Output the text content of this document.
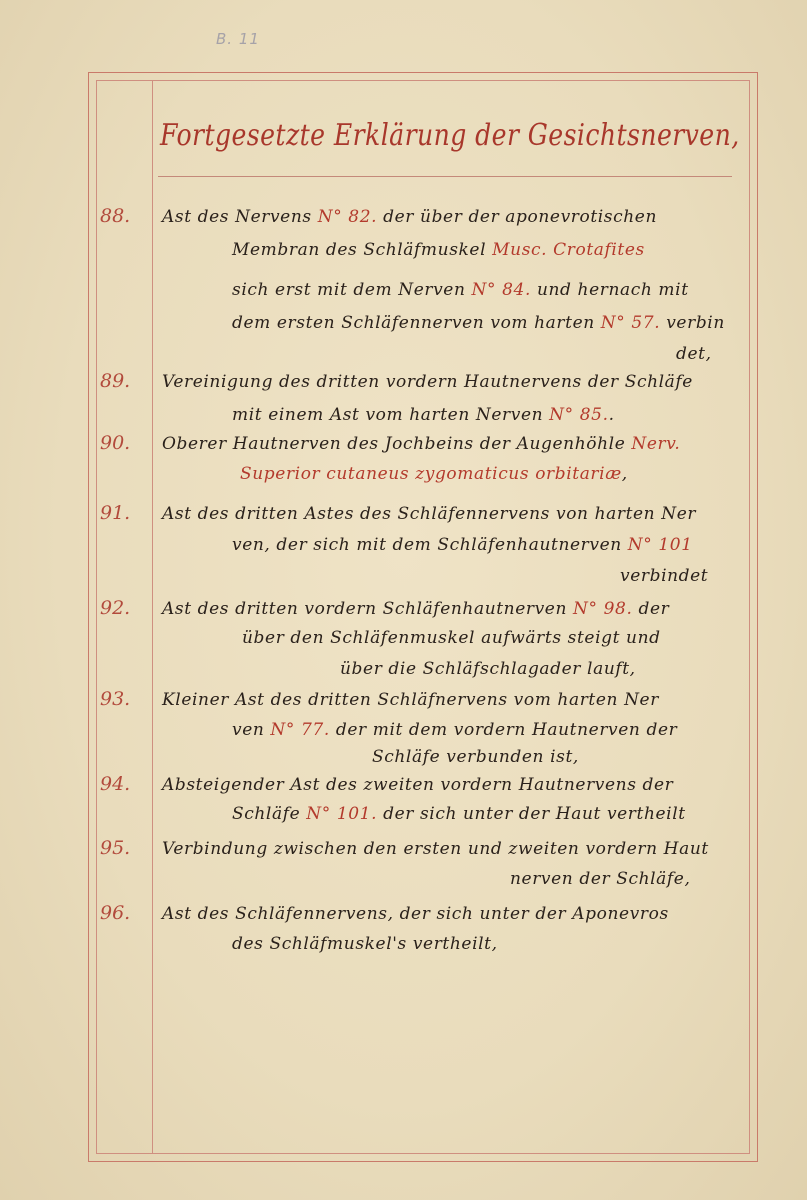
B. 11
Fortgesetzte Erklärung der Gesichtsnerven,
88.	Ast des Nervens N° 82. der über der aponevrotischen
Membran des Schläfmuskel Musc. Crotafites
sich erst mit dem Nerven N° 84. und hernach mit
dem ersten Schläfennerven vom harten N° 57. verbin
det,
89.	Vereinigung des dritten vordern Hautnervens der Schläfe
mit einem Ast vom harten Nerven N° 85..
90.	Oberer Hautnerven des Jochbeins der Augenhöhle Nerv.
Superior cutaneus zygomaticus orbitariæ,
91.	Ast des dritten Astes des Schläfennervens von harten Ner
ven, der sich mit dem Schläfenhautnerven N° 101
verbindet
92.	Ast des dritten vordern Schläfenhautnerven N° 98. der
über den Schläfenmuskel aufwärts steigt und
über die Schläfschlagader lauft,
93.	Kleiner Ast des dritten Schläfnervens vom harten Ner
ven N° 77. der mit dem vordern Hautnerven der
Schläfe verbunden ist,
94.	Absteigender Ast des zweiten vordern Hautnervens der
Schläfe N° 101. der sich unter der Haut vertheilt
95.	Verbindung zwischen den ersten und zweiten vordern Haut
nerven der Schläfe,
96.	Ast des Schläfennervens, der sich unter der Aponevros
des Schläfmuskel's vertheilt,
